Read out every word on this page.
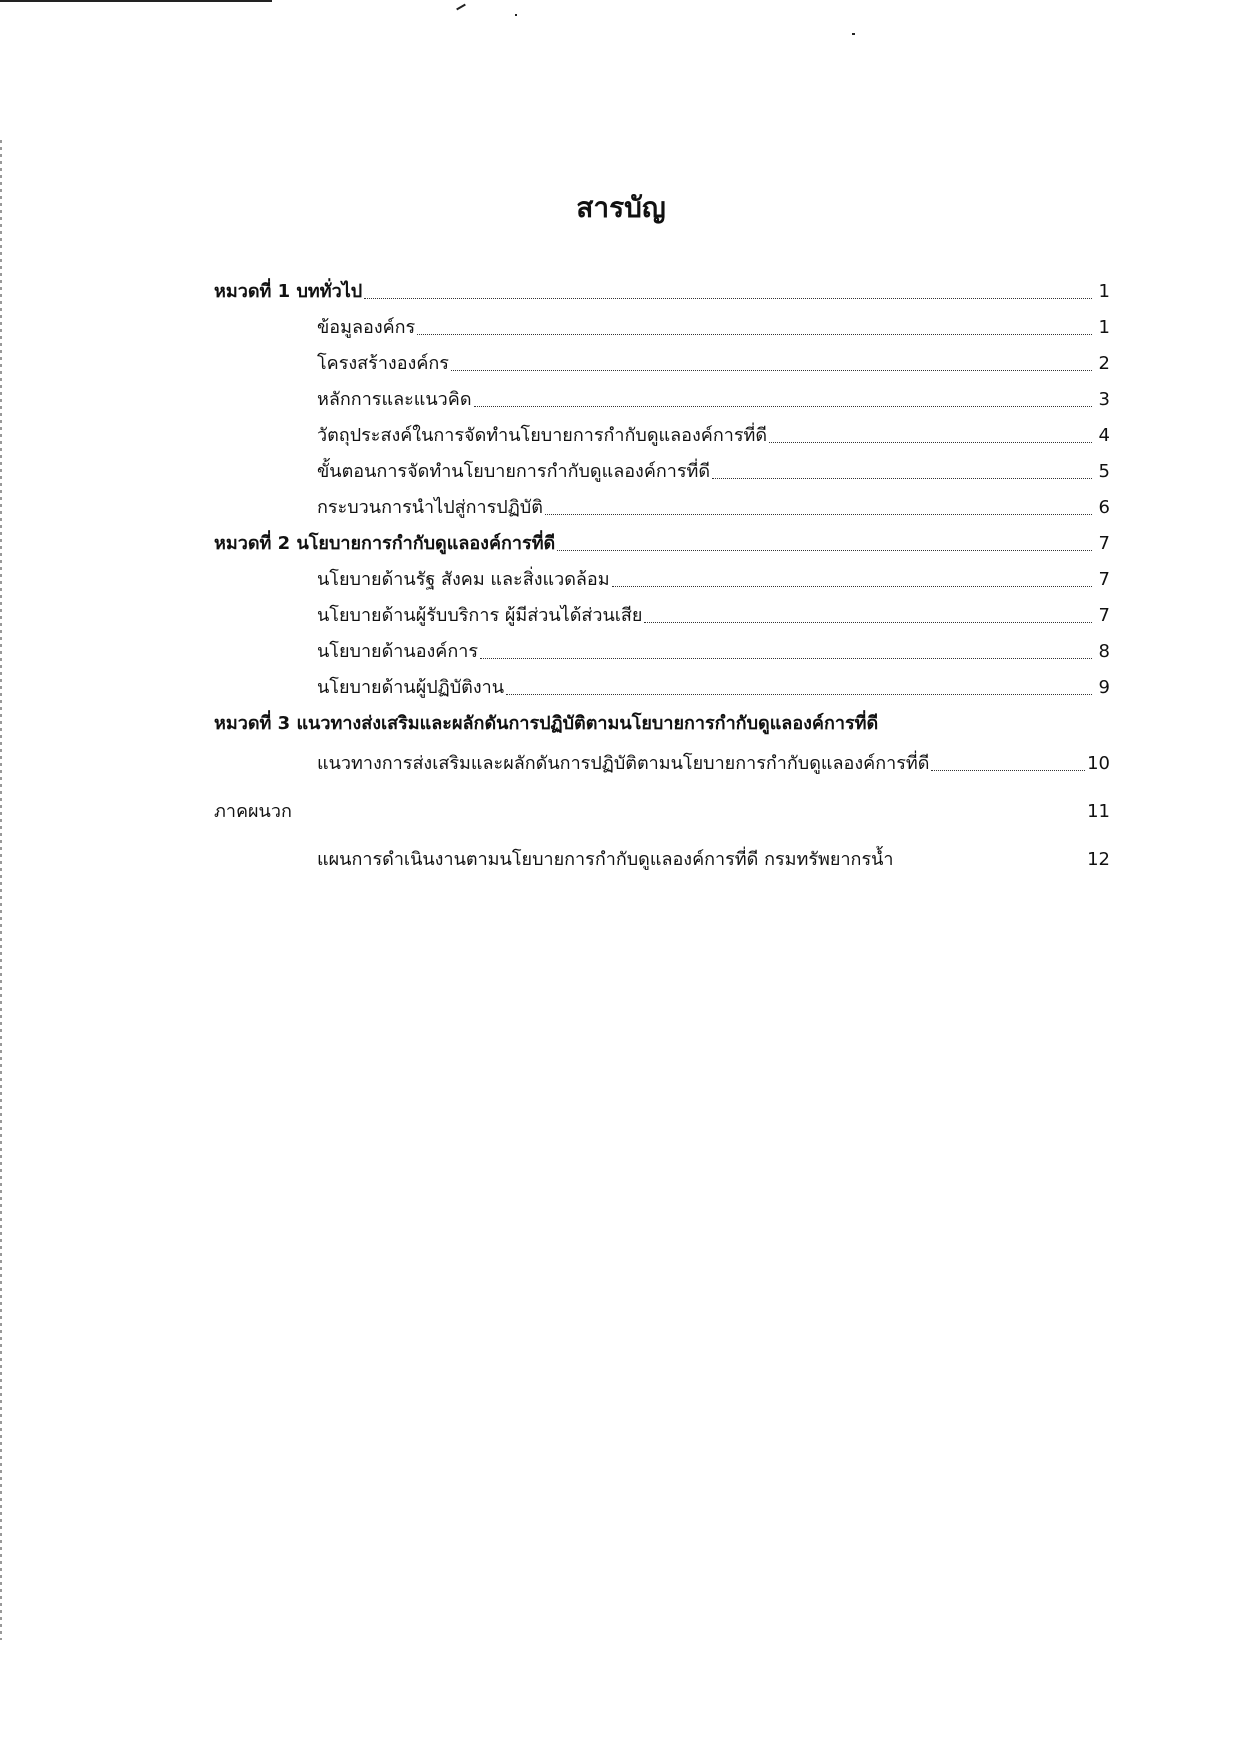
สารบัญ
หมวดที่ 1 บททั่วไป	1
ข้อมูลองค์กร	1
โครงสร้างองค์กร	2
หลักการและแนวคิด	3
วัตถุประสงค์ในการจัดทำนโยบายการกำกับดูแลองค์การที่ดี	4
ขั้นตอนการจัดทำนโยบายการกำกับดูแลองค์การที่ดี	5
กระบวนการนำไปสู่การปฏิบัติ	6
หมวดที่ 2 นโยบายการกำกับดูแลองค์การที่ดี	7
นโยบายด้านรัฐ สังคม และสิ่งแวดล้อม	7
นโยบายด้านผู้รับบริการ ผู้มีส่วนได้ส่วนเสีย	7
นโยบายด้านองค์การ	8
นโยบายด้านผู้ปฏิบัติงาน	9
หมวดที่ 3 แนวทางส่งเสริมและผลักดันการปฏิบัติตามนโยบายการกำกับดูแลองค์การที่ดี
แนวทางการส่งเสริมและผลักดันการปฏิบัติตามนโยบายการกำกับดูแลองค์การที่ดี	10
ภาคผนวก	11
แผนการดำเนินงานตามนโยบายการกำกับดูแลองค์การที่ดี กรมทรัพยากรน้ำ	12
